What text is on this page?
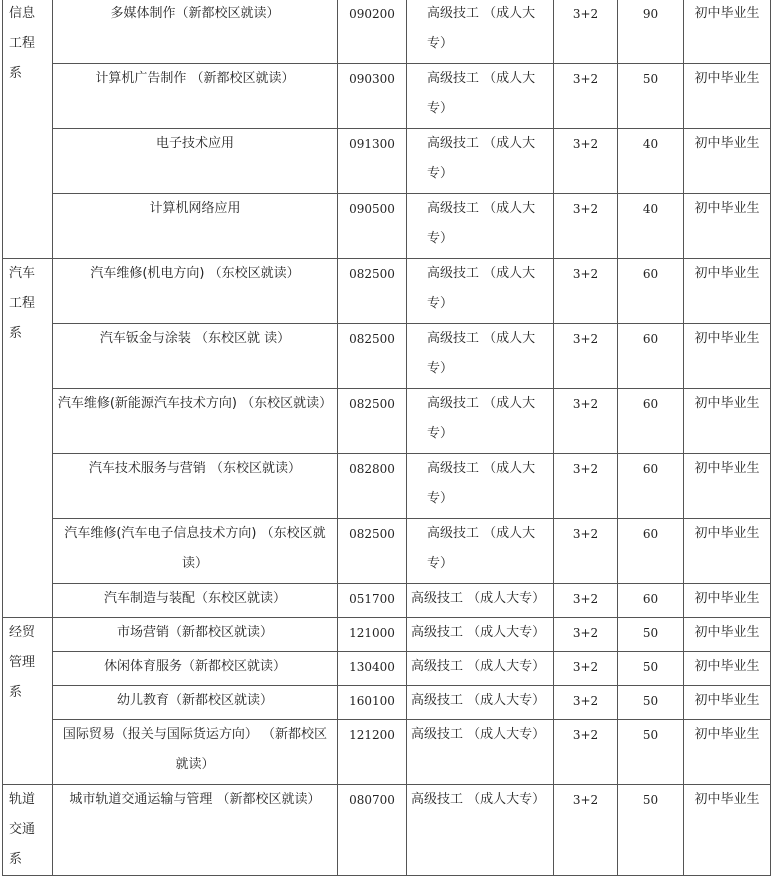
信息工程系	多媒体制作（新都校区就读）	090200	高级技工 （成人大专）	3+2	90	初中毕业生
	计算机广告制作 （新都校区就读）	090300	高级技工 （成人大专）	3+2	50	初中毕业生
	电子技术应用	091300	高级技工 （成人大专）	3+2	40	初中毕业生
	计算机网络应用	090500	高级技工 （成人大专）	3+2	40	初中毕业生
汽车工程系	汽车维修(机电方向) （东校区就读）	082500	高级技工 （成人大专）	3+2	60	初中毕业生
	汽车钣金与涂装 （东校区就 读）	082500	高级技工 （成人大专）	3+2	60	初中毕业生
	汽车维修(新能源汽车技术方向) （东校区就读）	082500	高级技工 （成人大专）	3+2	60	初中毕业生
	汽车技术服务与营销 （东校区就读）	082800	高级技工 （成人大专）	3+2	60	初中毕业生
	汽车维修(汽车电子信息技术方向) （东校区就读）	082500	高级技工 （成人大专）	3+2	60	初中毕业生
	汽车制造与装配（东校区就读）	051700	高级技工 （成人大专）	3+2	60	初中毕业生
经贸管理系	市场营销（新都校区就读）	121000	高级技工 （成人大专）	3+2	50	初中毕业生
	休闲体育服务（新都校区就读）	130400	高级技工 （成人大专）	3+2	50	初中毕业生
	幼儿教育（新都校区就读）	160100	高级技工 （成人大专）	3+2	50	初中毕业生
	国际贸易（报关与国际货运方向） （新都校区就读）	121200	高级技工 （成人大专）	3+2	50	初中毕业生
轨道交通系	城市轨道交通运输与管理 （新都校区就读）	080700	高级技工 （成人大专）	3+2	50	初中毕业生
